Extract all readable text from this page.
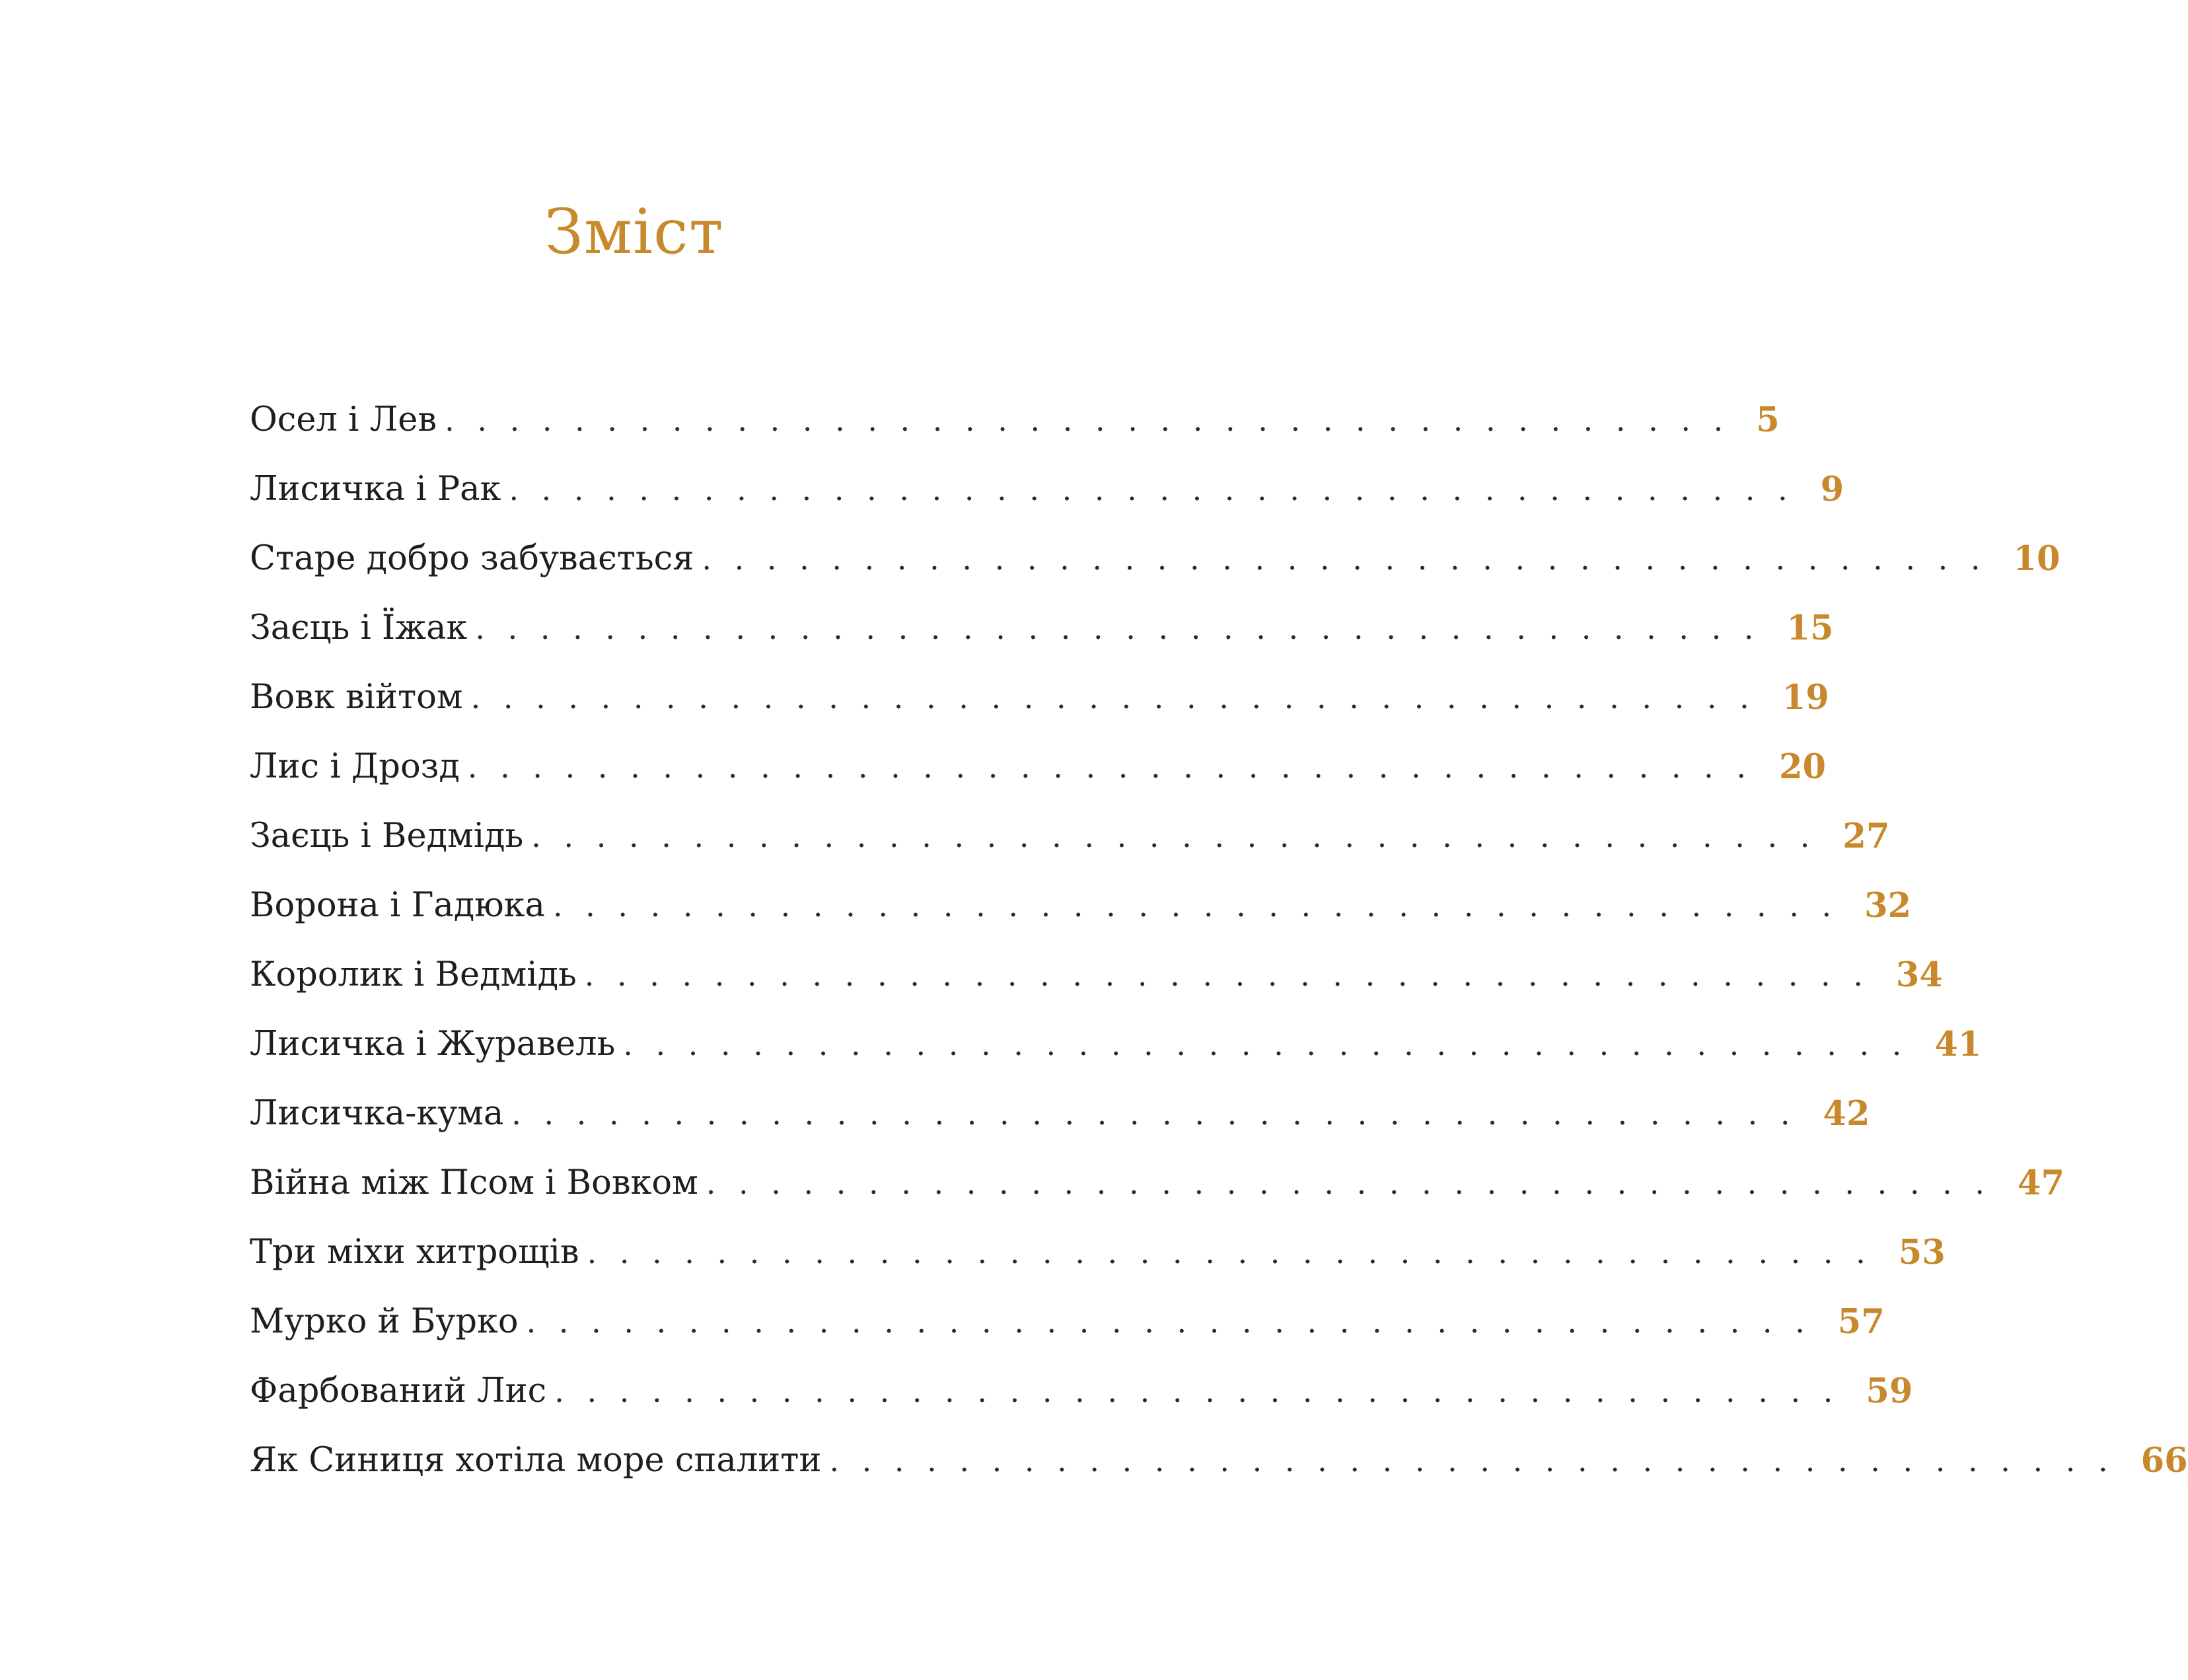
Зміст
Осел і Лев . . . . . . . . . . . . . . . . . . . . . . . . . . . . . . . . . . . . . . . . 5
Лисичка і Рак . . . . . . . . . . . . . . . . . . . . . . . . . . . . . . . . . . . . . . . . 9
Старе добро забувається . . . . . . . . . . . . . . . . . . . . . . . . . . . . . . . . . . . . . . . . 10
Заєць і Їжак . . . . . . . . . . . . . . . . . . . . . . . . . . . . . . . . . . . . . . . . 15
Вовк війтом . . . . . . . . . . . . . . . . . . . . . . . . . . . . . . . . . . . . . . . . 19
Лис і Дрозд . . . . . . . . . . . . . . . . . . . . . . . . . . . . . . . . . . . . . . . . 20
Заєць і Ведмідь . . . . . . . . . . . . . . . . . . . . . . . . . . . . . . . . . . . . . . . . 27
Ворона і Гадюка . . . . . . . . . . . . . . . . . . . . . . . . . . . . . . . . . . . . . . . . 32
Королик і Ведмідь . . . . . . . . . . . . . . . . . . . . . . . . . . . . . . . . . . . . . . . . 34
Лисичка і Журавель . . . . . . . . . . . . . . . . . . . . . . . . . . . . . . . . . . . . . . . . 41
Лисичка-кума . . . . . . . . . . . . . . . . . . . . . . . . . . . . . . . . . . . . . . . . 42
Війна між Псом і Вовком . . . . . . . . . . . . . . . . . . . . . . . . . . . . . . . . . . . . . . . . 47
Три міхи хитрощів . . . . . . . . . . . . . . . . . . . . . . . . . . . . . . . . . . . . . . . . 53
Мурко й Бурко . . . . . . . . . . . . . . . . . . . . . . . . . . . . . . . . . . . . . . . . 57
Фарбований Лис . . . . . . . . . . . . . . . . . . . . . . . . . . . . . . . . . . . . . . . . 59
Як Синиця хотіла море спалити . . . . . . . . . . . . . . . . . . . . . . . . . . . . . . . . . . . . . . . . 66
